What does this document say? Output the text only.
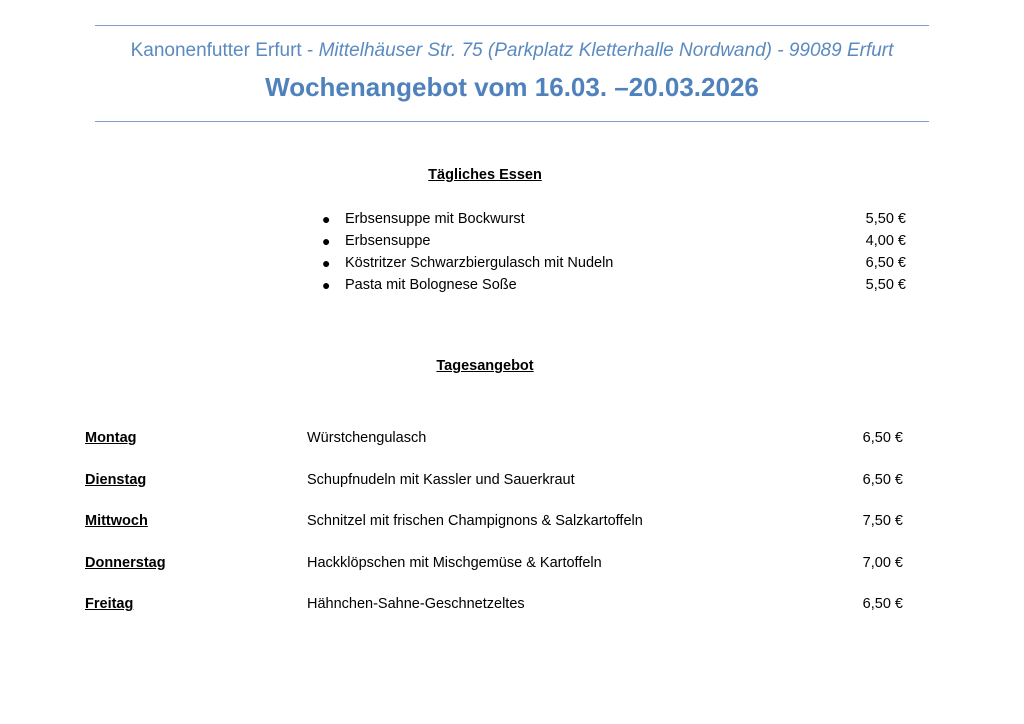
Kanonenfutter Erfurt - Mittelhäuser Str. 75 (Parkplatz Kletterhalle Nordwand) - 99089 Erfurt
Wochenangebot vom 16.03. –20.03.2026
Tägliches Essen
● Erbsensuppe mit Bockwurst	5,50 €
● Erbsensuppe	4,00 €
● Köstritzer Schwarzbiergulasch mit Nudeln	6,50 €
● Pasta mit Bolognese Soße	5,50 €
Tagesangebot
Montag	Würstchengulasch	6,50 €
Dienstag	Schupfnudeln mit Kassler und Sauerkraut	6,50 €
Mittwoch	Schnitzel mit frischen Champignons & Salzkartoffeln	7,50 €
Donnerstag	Hackklöpschen mit Mischgemüse & Kartoffeln	7,00 €
Freitag	Hähnchen-Sahne-Geschnetzeltes	6,50 €
